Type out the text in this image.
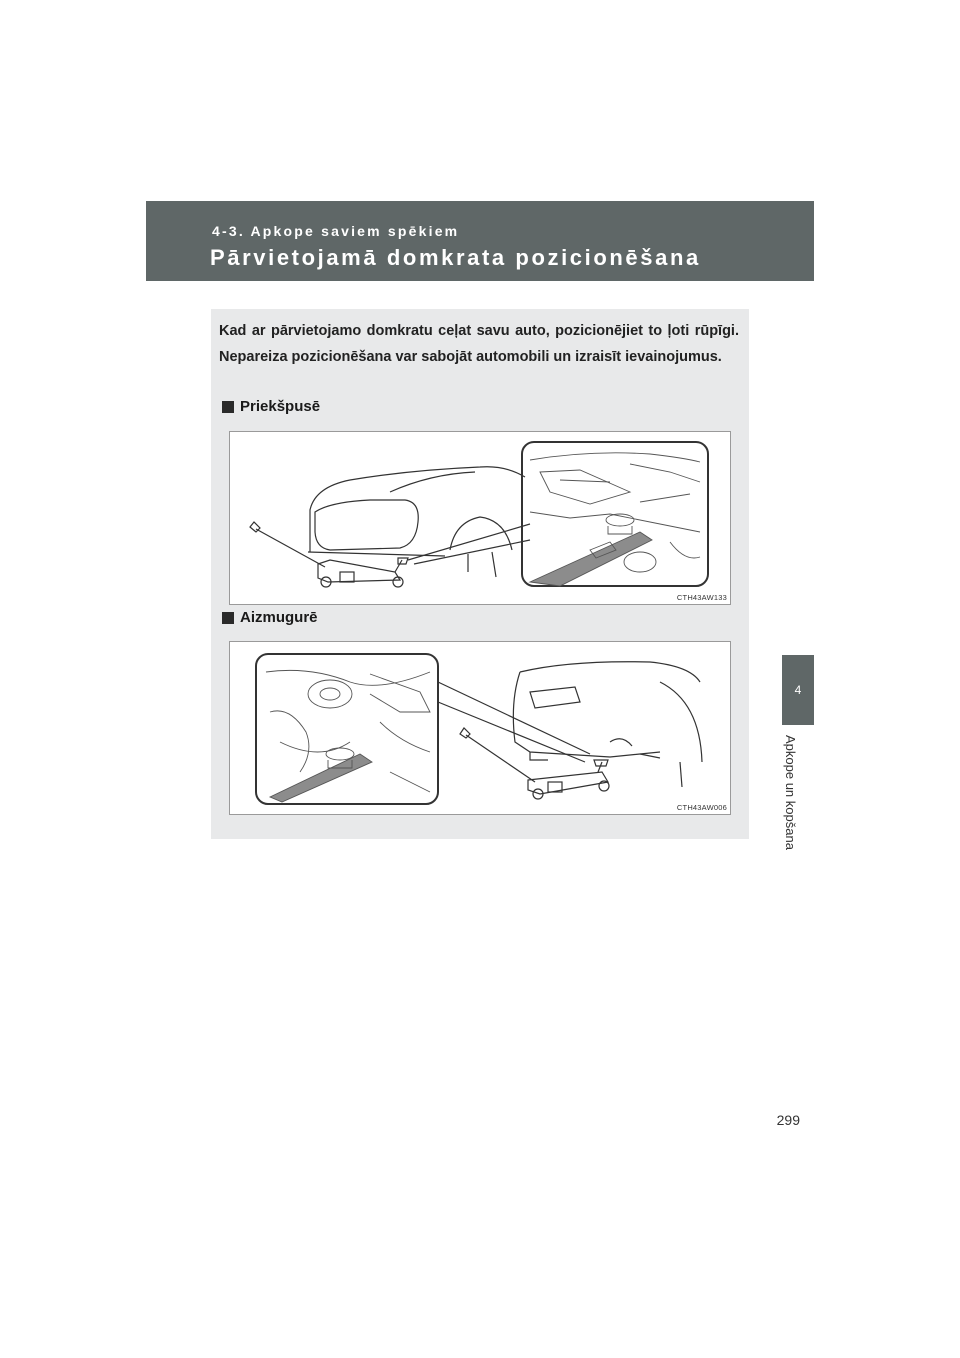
4-3. Apkope saviem spēkiem

Pārvietojamā domkrata pozicionēšana
4
Apkope un kopšana

Kad ar pārvietojamo domkratu ceļat savu auto, pozicionējiet to ļoti rūpīgi. Nepareiza pozicionēšana var sabojāt automobili un izraisīt ievainojumus.

Priekšpusē
CTH43AW133
Aizmugurē
CTH43AW006
299
